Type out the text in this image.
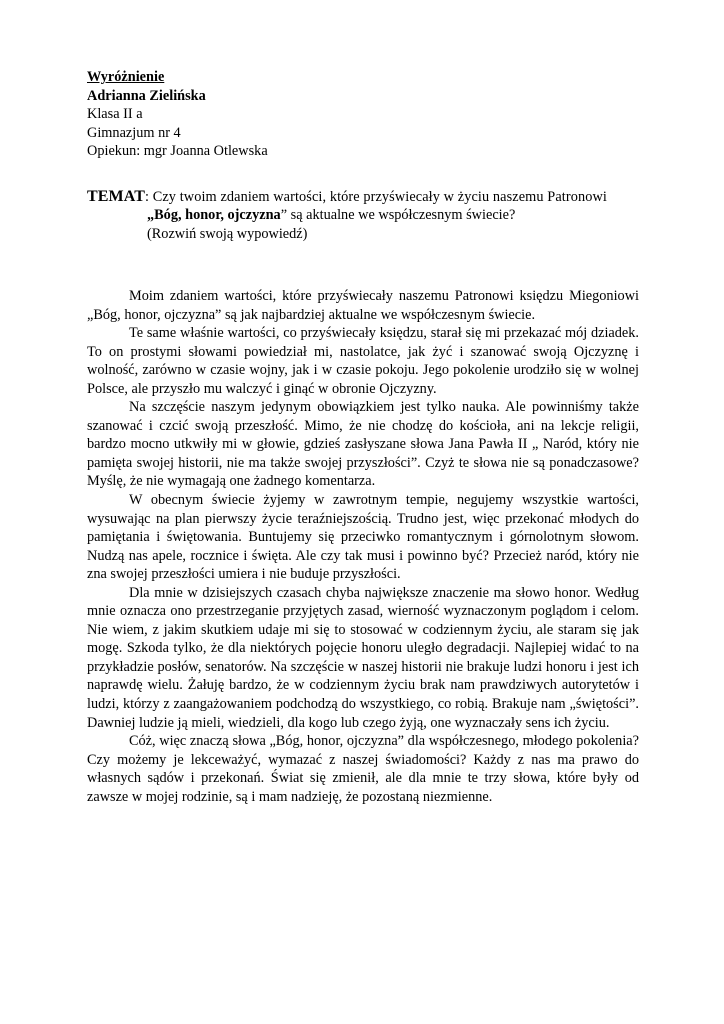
Wyróżnienie
Adrianna Zielińska
Klasa II a
Gimnazjum nr 4
Opiekun: mgr Joanna Otlewska
TEMAT: Czy twoim zdaniem wartości, które przyświecały w życiu naszemu Patronowi
„Bóg, honor, ojczyzna” są aktualne we współczesnym świecie?
(Rozwiń swoją wypowiedź)

Moim zdaniem wartości, które przyświecały naszemu Patronowi księdzu Miegoniowi „Bóg, honor, ojczyzna” są jak najbardziej aktualne we współczesnym świecie.

Te same właśnie wartości, co przyświecały księdzu, starał się mi przekazać mój dziadek. To on prostymi słowami powiedział mi, nastolatce, jak żyć i szanować swoją Ojczyznę i wolność, zarówno w czasie wojny, jak i w czasie pokoju. Jego pokolenie urodziło się w wolnej Polsce, ale przyszło mu walczyć i ginąć w obronie Ojczyzny.

Na szczęście naszym jedynym obowiązkiem jest tylko nauka. Ale powinniśmy także szanować i czcić swoją przeszłość. Mimo, że nie chodzę do kościoła, ani na lekcje religii, bardzo mocno utkwiły mi w głowie, gdzieś zasłyszane słowa Jana Pawła II „ Naród, który nie pamięta swojej historii, nie ma także swojej przyszłości”. Czyż te słowa nie są ponadczasowe? Myślę, że nie wymagają one żadnego komentarza.

W obecnym świecie żyjemy w zawrotnym tempie, negujemy wszystkie wartości, wysuwając na plan pierwszy życie teraźniejszością. Trudno jest, więc przekonać młodych do pamiętania i świętowania. Buntujemy się przeciwko romantycznym i górnolotnym słowom. Nudzą nas apele, rocznice i święta. Ale czy tak musi i powinno być? Przecież naród, który nie zna swojej przeszłości umiera i nie buduje przyszłości.

Dla mnie w dzisiejszych czasach chyba największe znaczenie ma słowo honor. Według mnie oznacza ono przestrzeganie przyjętych zasad, wierność wyznaczonym poglądom i celom. Nie wiem, z jakim skutkiem udaje mi się to stosować w codziennym życiu, ale staram się jak mogę. Szkoda tylko, że dla niektórych pojęcie honoru uległo degradacji. Najlepiej widać to na przykładzie posłów, senatorów. Na szczęście w naszej historii nie brakuje ludzi honoru i jest ich naprawdę wielu. Żałuję bardzo, że w codziennym życiu brak nam prawdziwych autorytetów i ludzi, którzy z zaangażowaniem podchodzą do wszystkiego, co robią. Brakuje nam „świętości”. Dawniej ludzie ją mieli, wiedzieli, dla kogo lub czego żyją, one wyznaczały sens ich życiu.

Cóż, więc znaczą słowa „Bóg, honor, ojczyzna” dla współczesnego, młodego pokolenia? Czy możemy je lekceważyć, wymazać z naszej świadomości? Każdy z nas ma prawo do własnych sądów i przekonań. Świat się zmienił, ale dla mnie te trzy słowa, które były od zawsze w mojej rodzinie, są i mam nadzieję, że pozostaną niezmienne.
